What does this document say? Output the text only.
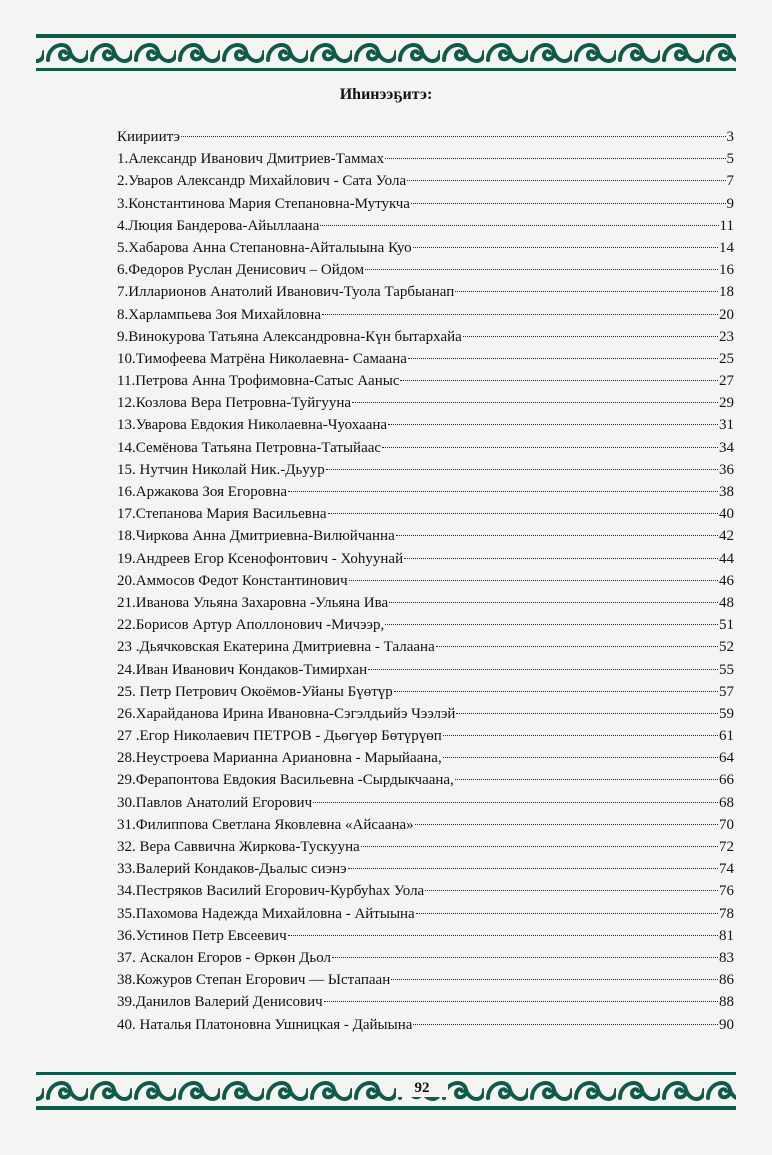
Иһинээҕитэ:
Киириитэ	3
1.Александр Иванович Дмитриев-Таммах	5
2.Уваров Александр Михайлович - Сата Уола	7
3.Константинова Мария Степановна-Мутукча	9
4.Люция Бандерова-Айыллаана	11
5.Хабарова Анна Степановна-Айталыына Куо	14
6.Федоров Руслан Денисович – Ойдом	16
7.Илларионов Анатолий Иванович-Туола Тарбыанап	18
8.Харлампьева Зоя Михайловна	20
9.Винокурова Татьяна Александровна-Күн бытархайа	23
10.Тимофеева Матрёна Николаевна- Самаана	25
11.Петрова Анна Трофимовна-Сатыс Ааныс	27
12.Козлова Вера Петровна-Туйгууна	29
13.Уварова Евдокия Николаевна-Чуохаана	31
14.Семёнова Татьяна Петровна-Татыйаас	34
15. Нутчин Николай Ник.-Дьуур	36
16.Аржакова Зоя Егоровна	38
17.Степанова Мария Васильевна	40
18.Чиркова Анна Дмитриевна-Вилюйчанна	42
19.Андреев Егор Ксенофонтович - Хоһуунай	44
20.Аммосов Федот Константинович	46
21.Иванова Ульяна Захаровна -Ульяна Ива	48
22.Борисов Артур Аполлонович -Мичээр,	51
23 .Дьячковская Екатерина Дмитриевна - Талаана	52
24.Иван Иванович Кондаков-Тимирхан	55
25. Петр Петрович Окоёмов-Уйаны Бүөтүр	57
26.Харайданова Ирина Ивановна-Сэгэлдьийэ Чээлэй	59
27 .Егор Николаевич ПЕТРОВ - Дьөгүөр Бөтүрүөп	61
28.Неустроева Марианна Ариановна - Марыйаана,	64
29.Ферапонтова Евдокия Васильевна -Сырдыкчаана,	66
30.Павлов Анатолий Егорович	68
31.Филиппова Светлана Яковлевна «Айсаана»	70
32. Вера Саввична Жиркова-Тускууна	72
33.Валерий Кондаков-Дьалыс сиэнэ	74
34.Пестряков Василий Егорович-Курбуһах Уола	76
35.Пахомова Надежда Михайловна - Айтыына	78
36.Устинов Петр Евсеевич	81
37. Аскалон Егоров - Өркөн Дьол	83
38.Кожуров Степан Егорович — Ыстапаан	86
39.Данилов Валерий Денисович	88
40. Наталья Платоновна Ушницкая - Дайыына	90
92
